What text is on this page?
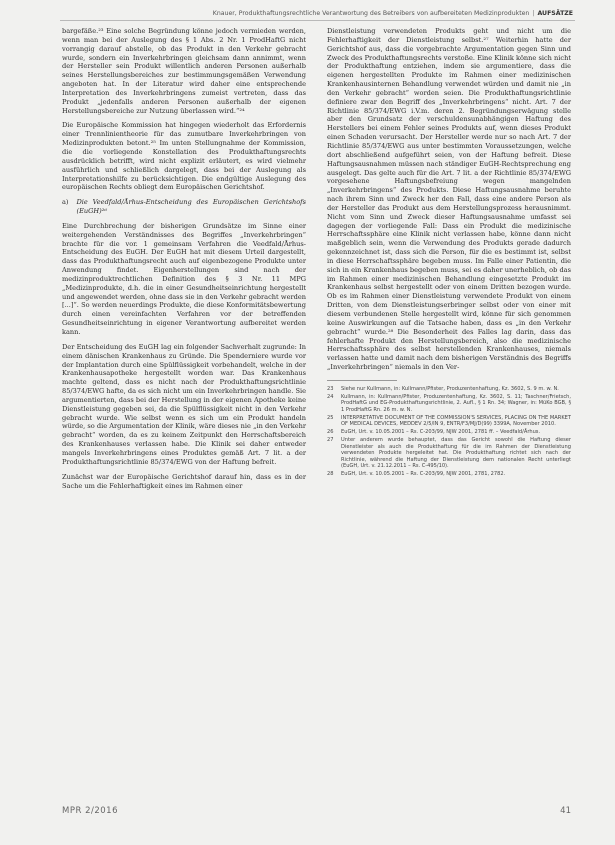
Knauer, Produkthaftungsrechtliche Verantwortung des Betreibers von aufbereiteten Medizinprodukten | AUFSÄTZE

bargefäße.²³ Eine solche Begründung könne jedoch vermieden werden, wenn man bei der Auslegung des § 1 Abs. 2 Nr. 1 ProdHaftG nicht vorrangig darauf abstelle, ob das Produkt in den Verkehr gebracht wurde, sondern ein Inverkehrbringen gleichsam dann annimmt, wenn der Hersteller sein Produkt willentlich anderen Personen außerhalb seines Herstellungsbereiches zur bestimmungsgemäßen Verwendung angeboten hat. In der Literatur wird daher eine entsprechende Interpretation des Inverkehrbringens zumeist vertreten, dass das Produkt „jedenfalls anderen Personen außerhalb der eigenen Herstellungsbereiche zur Nutzung überlassen wird.“²⁴

Die Europäische Kommission hat hingegen wiederholt das Erfordernis einer Trennlinientheorie für das zumutbare Inverkehrbringen von Medizinprodukten betont.²⁵ Im unten Stellungnahme der Kommission, die die vorliegende Konstellation des Produkthaftungsrechts ausdrücklich betrifft, wird nicht explizit erläutert, es wird vielmehr ausführlich und schließlich dargelegt, dass bei der Auslegung als Interpretationshilfe zu berücksichtigen. Die endgültige Auslegung des europäischen Rechts obliegt dem Europäischen Gerichtshof.

a) Die Veedfald/Århus-Entscheidung des Europäischen Gerichtshofs (EuGH)²⁶

Eine Durchbrechung der bisherigen Grundsätze im Sinne einer weitergehenden Verständnisses des Begriffes „Inverkehrbringen“ brachte für die vor. 1 gemeinsam Verfahren die Veedfald/Århus-Entscheidung des EuGH. Der EuGH hat mit diesem Urteil dargestellt, dass das Produkthaftungsrecht auch auf eigenbezogene Produkte unter Anwendung findet. Eigenherstellungen sind nach der medizinproduktrechtlichen Definition des § 3 Nr. 11 MPG „Medizinprodukte, d.h. die in einer Gesundheitseinrichtung hergestellt und angewendet werden, ohne dass sie in den Verkehr gebracht werden [...]“. So werden neuerdings Produkte, die diese Konformitätsbewertung durch einen vereinfachten Verfahren vor der betreffenden Gesundheitseinrichtung in eigener Verantwortung aufbereitet werden kann.

Der Entscheidung des EuGH lag ein folgender Sachverhalt zugrunde: In einem dänischen Krankenhaus zu Gründe. Die Spenderniere wurde vor der Implantation durch eine Spülflüssigkeit vorbehandelt, welche in der Krankenhausapotheke hergestellt worden war. Das Krankenhaus machte geltend, dass es nicht nach der Produkthaftungsrichtlinie 85/374/EWG hafte, da es sich nicht um ein Inverkehrbringen handle. Sie argumentierten, dass bei der Herstellung in der eigenen Apotheke keine Dienstleistung gegeben sei, da die Spülflüssigkeit nicht in den Verkehr gebracht wurde. Wie selbst wenn es sich um ein Produkt handeln würde, so die Argumentation der Klinik, wäre dieses nie „in den Verkehr gebracht“ worden, da es zu keinem Zeitpunkt den Herrschaftsbereich des Krankenhauses verlassen habe. Die Klinik sei daher entweder mangels Inverkehrbringens eines Produktes gemäß Art. 7 lit. a der Produkthaftungsrichtlinie 85/374/EWG von der Haftung befreit.

Zunächst war der Europäische Gerichtshof darauf hin, dass es in der Sache um die Fehlerhaftigkeit eines im Rahmen einer

Dienstleistung verwendeten Produkts geht und nicht um die Fehlerhaftigkeit der Dienstleistung selbst.²⁷ Weiterhin hatte der Gerichtshof aus, dass die vorgebrachte Argumentation gegen Sinn und Zweck des Produkthaftungsrechts verstoße. Eine Klinik könne sich nicht der Produkthaftung entziehen, indem sie argumentiere, dass die eigenen hergestellten Produkte im Rahmen einer medizinischen Krankenhausinternen Behandlung verwendet würden und damit nie „in den Verkehr gebracht“ worden seien. Die Produkthaftungsrichtlinie definiere zwar den Begriff des „Inverkehrbringens“ nicht. Art. 7 der Richtlinie 85/374/EWG i.V.m. deren 2. Begründungserwägung stelle aber den Grundsatz der verschuldensunabhängigen Haftung des Herstellers bei einem Fehler seines Produkts auf, wenn dieses Produkt einen Schaden verursacht. Der Hersteller werde nur so nach Art. 7 der Richtlinie 85/374/EWG aus unter bestimmten Voraussetzungen, welche dort abschließend aufgeführt seien, von der Haftung befreit. Diese Haftungsausnahmen müssen nach ständiger EuGH-Rechtsprechung eng ausgelegt. Das gelte auch für die Art. 7 lit. a der Richtlinie 85/374/EWG vorgesehene Haftungsbefreiung wegen mangelnden „Inverkehrbringens“ des Produkts. Diese Haftungsausnahme beruhte nach ihrem Sinn und Zweck her den Fall, dass eine andere Person als der Hersteller das Produkt aus dem Herstellungsprozess herausnimmt. Nicht vom Sinn und Zweck dieser Haftungsausnahme umfasst sei dagegen der vorliegende Fall: Dass ein Produkt die medizinische Herrschaftssphäre eine Klinik nicht verlassen habe, könne dann nicht maßgeblich sein, wenn die Verwendung des Produkts gerade dadurch gekennzeichnet ist, dass sich die Person, für die es bestimmt ist, selbst in diese Herrschaftssphäre begeben muss. Im Falle einer Patientin, die sich in ein Krankenhaus begeben muss, sei es daher unerheblich, ob das im Rahmen einer medizinischen Behandlung eingesetzte Produkt im Krankenhaus selbst hergestellt oder von einem Dritten bezogen wurde. Ob es im Rahmen einer Dienstleistung verwendete Produkt von einem Dritten, von dem Dienstleistungserbringer selbst oder von einer mit diesem verbundenen Stelle hergestellt wird, könne für sich genommen keine Auswirkungen auf die Tatsache haben, dass es „in den Verkehr gebracht“ wurde.²⁸ Die Besonderheit des Falles lag darin, dass das fehlerhafte Produkt den Herstellungsbereich, also die medizinische Herrschaftssphäre des selbst herstellenden Krankenhauses, niemals verlassen hatte und damit nach dem bisherigen Verständnis des Begriffs „Inverkehrbringen“ niemals in den Ver-

23	Siehe nur Kullmann, in: Kullmann/Pfister, Produzentenhaftung, Kz. 3602, S. 9 m. w. N.
24	Kullmann, in: Kullmann/Pfister, Produzentenhaftung, Kz. 3602, S. 11; Taschner/Frietsch, ProdHaftG und EG-Produkthaftungsrichtlinie, 2. Aufl., § 1 Rn. 34; Wagner, in: MüKo BGB, § 1 ProdHaftG Rn. 26 m. w. N.
25	INTERPRETATIVE DOCUMENT OF THE COMMISSION'S SERVICES, PLACING ON THE MARKET OF MEDICAL DEVICES, MEDDEV 2/5/IN 9, ENTR/F3/MJ/D(99) 3399A, November 2010.
26	EuGH, Urt. v. 10.05.2001 – Rs. C-203/99, NJW 2001, 2781 ff. – Veedfald/Århus.
27	Unter anderem wurde behauptet, dass das Gericht sowohl die Haftung dieser Dienstleister als auch die Produkthaftung für die im Rahmen der Dienstleistung verwendeten Produkte hergeleitet hat. Die Produkthaftung richtet sich nach der Richtlinie, während die Haftung der Dienstleistung dem nationalen Recht unterliegt (EuGH, Urt. v. 21.12.2011 – Rs. C-495/10).
28	EuGH, Urt. v. 10.05.2001 – Rs. C-203/99, NJW 2001, 2781, 2782.
MPR 2/2016	41
